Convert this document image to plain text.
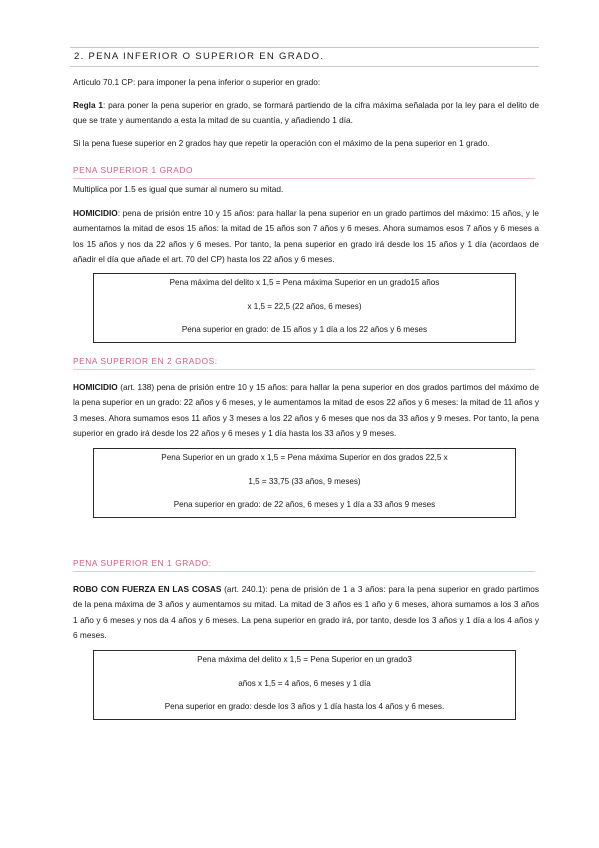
2. PENA INFERIOR O SUPERIOR EN GRADO.

Articulo 70.1 CP: para imponer la pena inferior o superior en grado:

Regla 1: para poner la pena superior en grado, se formará partiendo de la cifra máxima señalada por la ley para el delito de que se trate y aumentando a esta la mitad de su cuantía, y añadiendo 1 día.

Si la pena fuese superior en 2 grados hay que repetir la operación con el máximo de la pena superior en 1 grado.

PENA SUPERIOR 1 GRADO

Multiplica por 1.5 es igual que sumar al numero su mitad.

HOMICIDIO: pena de prisión entre 10 y 15 años: para hallar la pena superior en un grado partimos del máximo: 15 años, y le aumentamos la mitad de esos 15 años: la mitad de 15 años son 7 años y 6 meses. Ahora sumamos esos 7 años y 6 meses a los 15 años y nos da 22 años y 6 meses. Por tanto, la pena superior en grado irá desde los 15 años y 1 día (acordaos de añadir el día que añade el art. 70 del CP) hasta los 22 años y 6 meses.

Pena máxima del delito x 1,5 = Pena máxima Superior en un grado15 años
x 1,5 = 22,5 (22 años, 6 meses)
Pena superior en grado: de 15 años y 1 día a los 22 años y 6 meses

PENA SUPERIOR EN 2 GRADOS:

HOMICIDIO (art. 138) pena de prisión entre 10 y 15 años: para hallar la pena superior en dos grados partimos del máximo de la pena superior en un grado: 22 años y 6 meses, y le aumentamos la mitad de esos 22 años y 6 meses: la mitad de 11 años y 3 meses. Ahora sumamos esos 11 años y 3 meses a los 22 años y 6 meses que nos da 33 años y 9 meses. Por tanto, la pena superior en grado irá desde los 22 años y 6 meses y 1 día hasta los 33 años y 9 meses.

Pena Superior en un grado x 1,5 = Pena máxima Superior en dos grados 22,5 x
1,5 = 33,75 (33 años, 9 meses)
Pena superior en grado: de 22 años, 6 meses y 1 día a 33 años 9 meses

PENA SUPERIOR EN 1 GRADO:

ROBO CON FUERZA EN LAS COSAS (art. 240.1): pena de prisión de 1 a 3 años: para la pena superior en grado partimos de la pena máxima de 3 años y aumentamos su mitad. La mitad de 3 años es 1 año y 6 meses, ahora sumamos a los 3 años 1 año y 6 meses y nos da 4 años y 6 meses. La pena superior en grado irá, por tanto, desde los 3 años y 1 día a los 4 años y 6 meses.

Pena máxima del delito x 1,5 = Pena Superior en un grado3
años x 1,5 = 4 años, 6 meses y 1 día
Pena superior en grado: desde los 3 años y 1 día hasta los 4 años y 6 meses.
